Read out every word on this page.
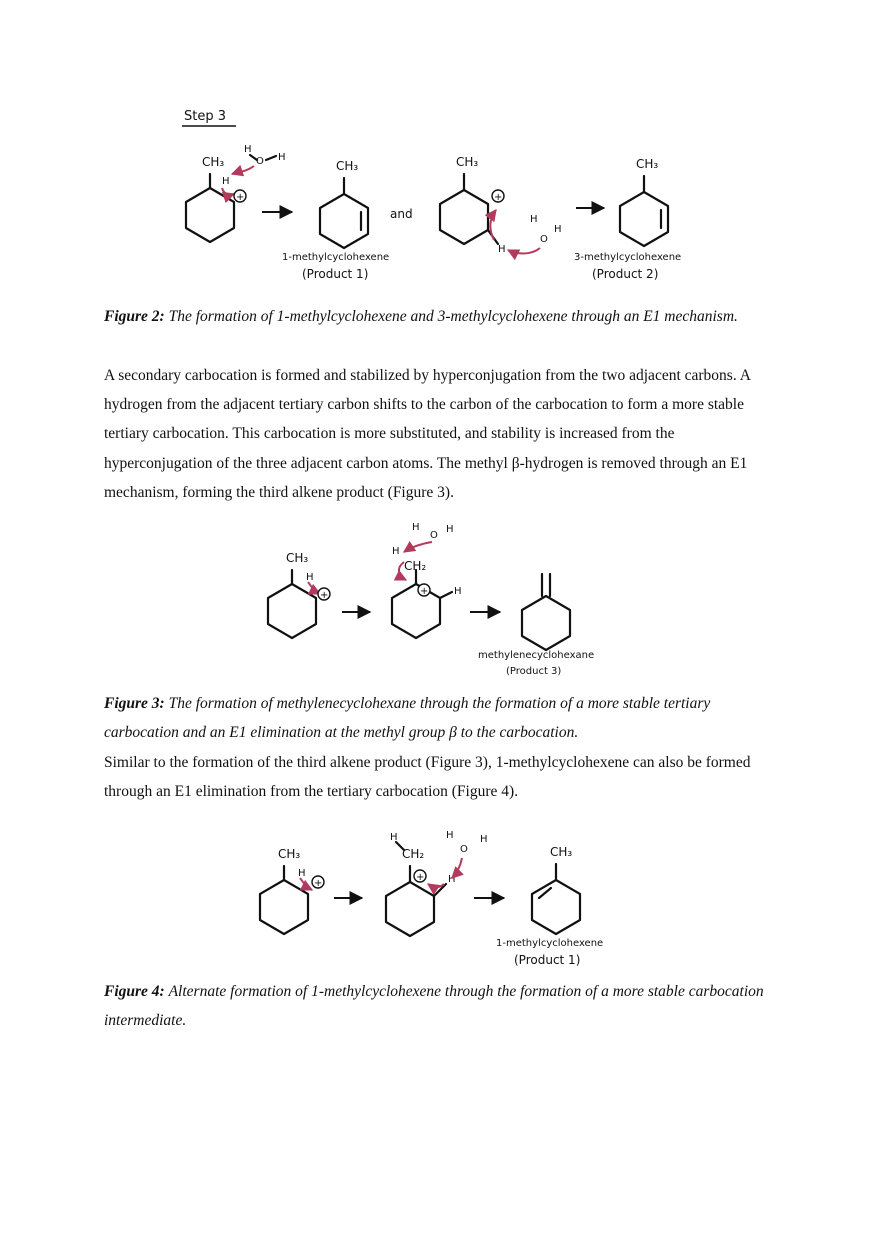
Step 3
CH₃
H
H
O H
+
CH₃
1-methylcyclohexene
(Product 1)
and
CH₃
+
H
H
O
H
CH₃
3-methylcyclohexene
(Product 2)

Figure 2: The formation of 1-methylcyclohexene and 3-methylcyclohexene through an E1 mechanism.

A secondary carbocation is formed and stabilized by hyperconjugation from the two adjacent carbons. A hydrogen from the adjacent tertiary carbon shifts to the carbon of the carbocation to form a more stable tertiary carbocation. This carbocation is more substituted, and stability is increased from the hyperconjugation of the three adjacent carbon atoms. The methyl β-hydrogen is removed through an E1 mechanism, forming the third alkene product (Figure 3).

CH₃
H
+
CH₂
H
O
H
H
+	H
methylenecyclohexane
(Product 3)

Figure 3: The formation of methylenecyclohexane through the formation of a more stable tertiary carbocation and an E1 elimination at the methyl group β to the carbocation.

Similar to the formation of the third alkene product (Figure 3), 1-methylcyclohexene can also be formed through an E1 elimination from the tertiary carbocation (Figure 4).

CH₃
H
+
CH₂
H
+ H
H
O
H
CH₃
1-methylcyclohexene
(Product 1)

Figure 4: Alternate formation of 1-methylcyclohexene through the formation of a more stable carbocation intermediate.
